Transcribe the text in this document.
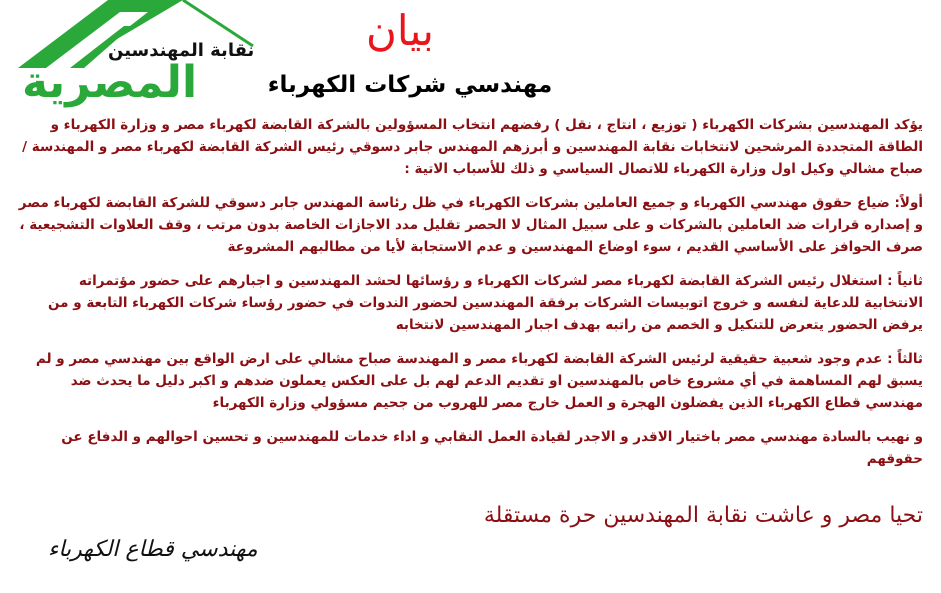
نقابة المهندسين
المصرية
بيان
مهندسي شركات الكهرباء

يؤكد المهندسين بشركات الكهرباء ( توزيع ، انتاج ، نقل ) رفضهم انتخاب المسؤولين بالشركة القابضة لكهرباء مصر و وزارة الكهرباء و الطاقة المتجددة المرشحين لانتخابات نقابة المهندسين و أبرزهم المهندس جابر دسوقي رئيس الشركة القابضة لكهرباء مصر و المهندسة / صباح مشالي وكيل اول وزارة الكهرباء للاتصال السياسي و ذلك للأسباب الاتية :

أولاً: ضياع حقوق مهندسي الكهرباء و جميع العاملين بشركات الكهرباء في ظل رئاسة المهندس جابر دسوقي للشركة القابضة لكهرباء مصر و إصداره قرارات ضد العاملين بالشركات و على سبيل المثال لا الحصر تقليل مدد الاجازات الخاصة بدون مرتب ، وقف العلاوات التشجيعية ، صرف الحوافز على الأساسي القديم ، سوء اوضاع المهندسين و عدم الاستجابة لأيا من مطالبهم المشروعة

ثانياً : استغلال رئيس الشركة القابضة لكهرباء مصر لشركات الكهرباء و رؤسائها لحشد المهندسين و اجبارهم على حضور مؤتمراته الانتخابية للدعاية لنفسه و خروج اتوبيسات الشركات برفقة المهندسين لحضور الندوات في حضور رؤساء شركات الكهرباء التابعة و من يرفض الحضور يتعرض للتنكيل و الخصم من راتبه بهدف اجبار المهندسين لانتخابه

ثالثاً : عدم وجود شعبية حقيقية لرئيس الشركة القابضة لكهرباء مصر و المهندسة صباح مشالي على ارض الواقع بين مهندسي مصر و لم يسبق لهم المساهمة في أي مشروع خاص بالمهندسين او تقديم الدعم لهم بل على العكس يعملون ضدهم و اكبر دليل ما يحدث ضد مهندسي قطاع الكهرباء الذين يفضلون الهجرة و العمل خارج مصر للهروب من جحيم مسؤولي وزارة الكهرباء

و نهيب بالسادة مهندسي مصر باختيار الاقدر و الاجدر لقيادة العمل النقابي و اداء خدمات للمهندسين و تحسين احوالهم و الدفاع عن حقوقهم

تحيا مصر و عاشت نقابة المهندسين حرة مستقلة
مهندسي قطاع الكهرباء
